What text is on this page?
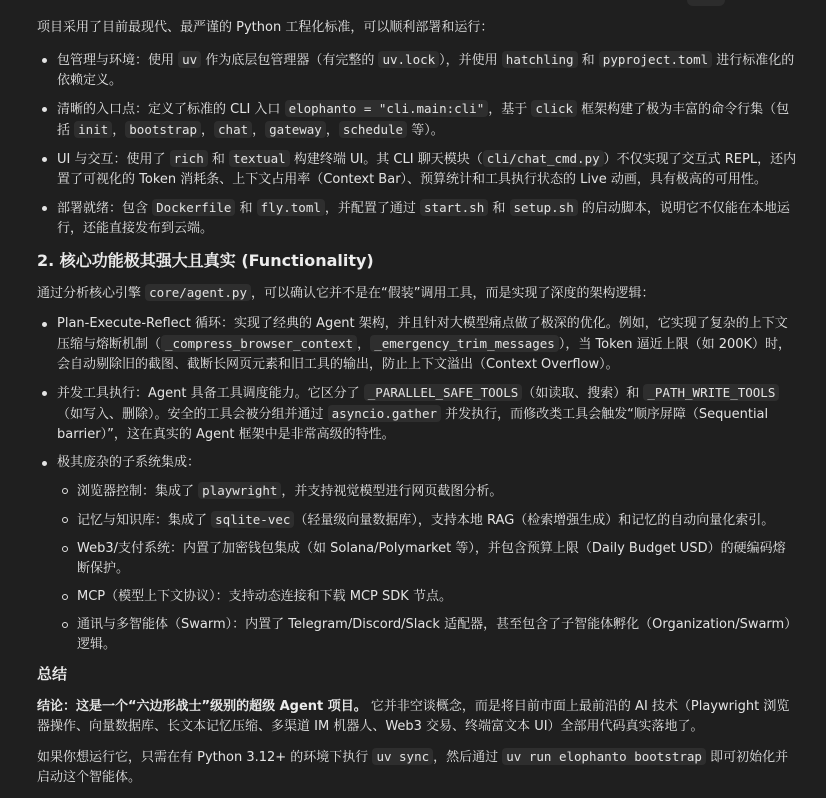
项目采用了目前最现代、最严谨的 Python 工程化标准，可以顺利部署和运行：

包管理与环境：使用 uv 作为底层包管理器（有完整的 uv.lock ），并使用 hatchling 和 pyproject.toml 进行标准化的依赖定义。
清晰的入口点：定义了标准的 CLI 入口 elophanto = "cli.main:cli" ，基于 click 框架构建了极为丰富的命令行集（包括 init ， bootstrap ， chat ， gateway ， schedule 等）。
UI 与交互：使用了 rich 和 textual 构建终端 UI。其 CLI 聊天模块（ cli/chat_cmd.py ）不仅实现了交互式 REPL，还内置了可视化的 Token 消耗条、上下文占用率（Context Bar）、预算统计和工具执行状态的 Live 动画，具有极高的可用性。
部署就绪：包含 Dockerfile 和 fly.toml ，并配置了通过 start.sh 和 setup.sh 的启动脚本，说明它不仅能在本地运行，还能直接发布到云端。
2. 核心功能极其强大且真实 (Functionality)

通过分析核心引擎 core/agent.py ，可以确认它并不是在“假装”调用工具，而是实现了深度的架构逻辑：

Plan-Execute-Reflect 循环：实现了经典的 Agent 架构，并且针对大模型痛点做了极深的优化。例如，它实现了复杂的上下文压缩与熔断机制（ _compress_browser_context ， _emergency_trim_messages ），当 Token 逼近上限（如 200K）时，会自动剔除旧的截图、截断长网页元素和旧工具的输出，防止上下文溢出（Context Overflow）。
并发工具执行：Agent 具备工具调度能力。它区分了 _PARALLEL_SAFE_TOOLS （如读取、搜索）和 _PATH_WRITE_TOOLS（如写入、删除）。安全的工具会被分组并通过 asyncio.gather 并发执行，而修改类工具会触发“顺序屏障（Sequential barrier）”，这在真实的 Agent 框架中是非常高级的特性。
极其庞杂的子系统集成：
浏览器控制：集成了 playwright ，并支持视觉模型进行网页截图分析。
记忆与知识库：集成了 sqlite-vec （轻量级向量数据库），支持本地 RAG（检索增强生成）和记忆的自动向量化索引。
Web3/支付系统：内置了加密钱包集成（如 Solana/Polymarket 等），并包含预算上限（Daily Budget USD）的硬编码熔断保护。
MCP（模型上下文协议）：支持动态连接和下载 MCP SDK 节点。
通讯与多智能体（Swarm）：内置了 Telegram/Discord/Slack 适配器，甚至包含了子智能体孵化（Organization/Swarm）逻辑。
总结

结论：这是一个“六边形战士”级别的超级 Agent 项目。 它并非空谈概念，而是将目前市面上最前沿的 AI 技术（Playwright 浏览器操作、向量数据库、长文本记忆压缩、多渠道 IM 机器人、Web3 交易、终端富文本 UI）全部用代码真实落地了。

如果你想运行它，只需在有 Python 3.12+ 的环境下执行 uv sync ，然后通过 uv run elophanto bootstrap 即可初始化并启动这个智能体。
